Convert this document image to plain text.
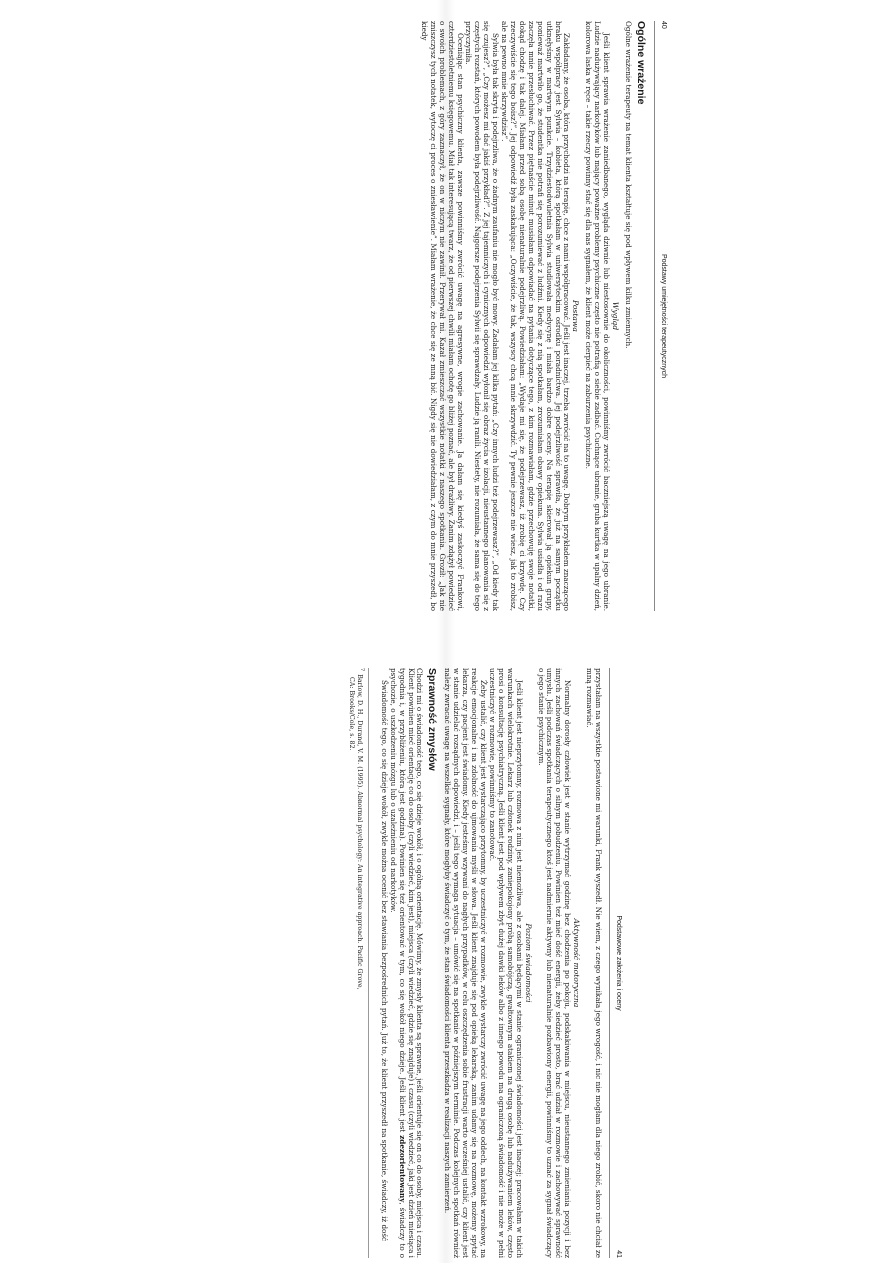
40
Podstawy umiejętności terapeutycznych
Ogólne wrażenie

Ogólne wrażenie terapeuty na temat klienta kształtuje się pod wpływem kilku zmiennych.

Wygląd

Jeśli klient sprawia wrażenie zaniedbanego, wygląda dziwnie lub niestosownie do okoliczności, powinniśmy zwrócić baczniejszą uwagę na jego ubranie. Ludzie nadużywający narkotyków lub mający poważne problemy psychiczne często nie potrafią o siebie zadbać. Cuchnące ubranie, gruba kurtka w upalny dzień, kolorowa laska w ręce – takie rzeczy powinny stać się dla nas sygnałem, że klient może cierpieć na zaburzenia psychiczne.

Postawa

Zakładamy, że osoba, która przychodzi na terapię, chce z nami współpracować. Jeśli jest inaczej, trzeba zwrócić na to uwagę. Dobrym przykładem znaczącego braku współpracy jest Sylwia – kobieta, którą spotkałam w uniwersyteckim ośrodku poradnictwa. Jej podejrzliwość sprawiła, że już na samym początku utknęłyśmy w martwym punkcie. Trzydziestodwuletnia Sylwia studiowała medycynę i miała bardzo dobre oceny. Na terapię skierował ją opiekun grupy, poniewaź martwiło go, że studentka nie potrafi się porozumiewać z ludźmi. Kiedy się z nią spotkałam, zrozumiałam obawy opiekuna. Sylwia usiadła i od razu zaczęła mnie przesłuchiwać. Przez piętnaście minut musiałam odpowiadać na pytania dotyczące tego, z kim rozmawiałam, gdzie przechowuję swoje notatki, dokąd chodzę i tak dalej. Miałam przed sobą osobę nienaturalnie podejrzliwą. Powiedziałam: „Wydaje mi się, że podejrzewasz, iż zrobię ci krzywdę. Czy rzeczywiście się tego boisz?”. Jej odpowiedź była zaskakująca: „Oczywiście, że tak, wszyscy chcą mnie skrzywdzić. Ty pewnie jeszcze nie wiesz, jak to zrobisz, ale na pewno mnie skrzywdzisz”.

Sylwia była tak skryta i podejrzliwa, że o żadnym zaufaniu nie mogło być mowy. Zadałam jej kilka pytań: „Czy innych ludzi też podejrzewasz?”, „Od kiedy tak się czujesz?”, „Czy możesz mi dać jakiś przykład?”. Z jej tajemniczych i cynicznych odpowiedzi wyłonił się obraz życia w izolacji, nieustannego planowania się z częstych rozstań, których powodem była podejrzliwość. Najgorsze podejrzenia Sylwii się sprawdzały. Ludzie ją ranili. Niestety, nie rozumiała, że sama się do tego przyczyniła.

Oceniając stan psychiczny klienta, zawsze powinniśmy zwrócić uwagę na agresywne, wrogie zachowanie. Ja dałam się kiedyś zaskoczyć Frankowi, czterdziestoletniemu księgowemu. Miał tak interesującą twarz, że od pierwszej chwili miałam ochotę go bliżej poznać, ale był drażliwy. Zanim zdążył powiedzieć o swoich problemach, z góry zaznaczył, że on w niczym nie zawinił. Przerywał mi. Kazał zmieszczać wszystkie notatki z naszego spotkania. Groził: „Jak nie zniszczysz tych notatek, wytoczę ci proces o zniesławienie”. Miałam wrażenie, że chce się ze mną bić. Nigdy się nie dowiedziałam, z czym do mnie przyszedł, bo kiedy

Podstawowe założenia i oceny
41

przystałam na wszystkie postawione mi warunki, Frank wyszedł. Nie wiem, z czego wynikała jego wrogość, i nic nie mogłam dla niego zrobić, skoro nie chciał ze mną rozmawiać.

Aktywność motoryczna

Normalny dorosły człowiek jest w stanie wytrzymać godzinę bez chodzenia po pokoju, podskakiwania w miejscu, nieustannego zmieniania pozycji i bez innych zachowań świadczących o silnym pobudzeniu. Powinien też mieć dość energii, żeby siedzieć prosto, brać udział w rozmowie i zachowywać sprawność umysłu. Jeśli podczas spotkania terapeutycznego ktoś jest nadmiernie aktywny lub nienaturalnie pozbawiony energii, powinniśmy to uznać za sygnał świadczący o jego stanie psychicznym.

Poziom świadomości

Jeśli klient jest nieprzytomny, rozmowa z nim jest niemożliwa, ale z osobami będącymi w stanie ograniczonej świadomości jest inaczej; pracowałam w takich warunkach wielokrotnie. Lekarz lub członek rodziny, zaniepokojony próbą samobójczą, gwałtownym atakiem na drugą osobę lub nadużywaniem leków, często prosi o konsultację psychiatryczną. Jeśli klient jest pod wpływem zbyt dużej dawki leków albo z innego powodu ma ograniczoną świadomość i nie może w pełni uczestniczyć w rozmowie, powinniśmy to zanotować.

Żeby ustalić, czy klient jest wystarczająco przytomny, by uczestniczyć w rozmowie, zwykle wystarczy zwrócić uwagę na jego oddech, na kontakt wzrokowy, na reakcje emocjonalne i na zdolność do ujmowania myśli w słowa. Jeśli klient znajduje się pod opieką lekarską, zanim udamy się na rozmowę, możemy spytać lekarza, czy pacjent jest świadomy. Kiedy jesteśmy wzywani do nagłych przypadków, w celu oszczędzenia sobie frustracji warto wcześniej ustalić, czy klient jest w stanie udzielać rozsądnych odpowiedzi, i – jeśli tego wymaga sytuacja – umówić się na spotkanie w późniejszym terminie. Podczas kolejnych spotkań również należy zwracać uwagę na wszelkie sygnały, które mogłyby świadczyć o tym, że stan świadomości klienta przeszkadza w realizacji naszych zamierzeń.

Sprawność zmysłów

Chodzi mi o świadomość tego, co się dzieje wokół, i o ogólną orientację. Mówimy, że zmysły klienta są sprawne, jeśli orientuje się on co do osoby, miejsca i czasu. Klient powinien mieć orientację co do osoby (czyli wiedzieć, kim jest), miejsca (czyli wiedzieć, gdzie się znajduje) i czasu (czyli wiedzieć, jaki jest dzień miesiąca i tygodnia i, w przybliżeniu, która jest godzina). Powinien się też orientować w tym, co się wokół niego dzieje. Jeśli klient jest zdezorientowany, świadczy to o psychozie, o uszkodzeniu mózgu lub o uzależnieniu od narkotyków.

Świadomość tego, co się dzieje wokół, zwykle można ocenić bez stawiania bezpośrednich pytań. Już to, że klient przyszedł na spotkanie, świadczy, iż dość

$^7$Barlow, D. H., Durand, V. M. (1995). Abnormal psychology: An integrative approach. Pacific Grove,
CA: Brooks/Cole, s. 82.
